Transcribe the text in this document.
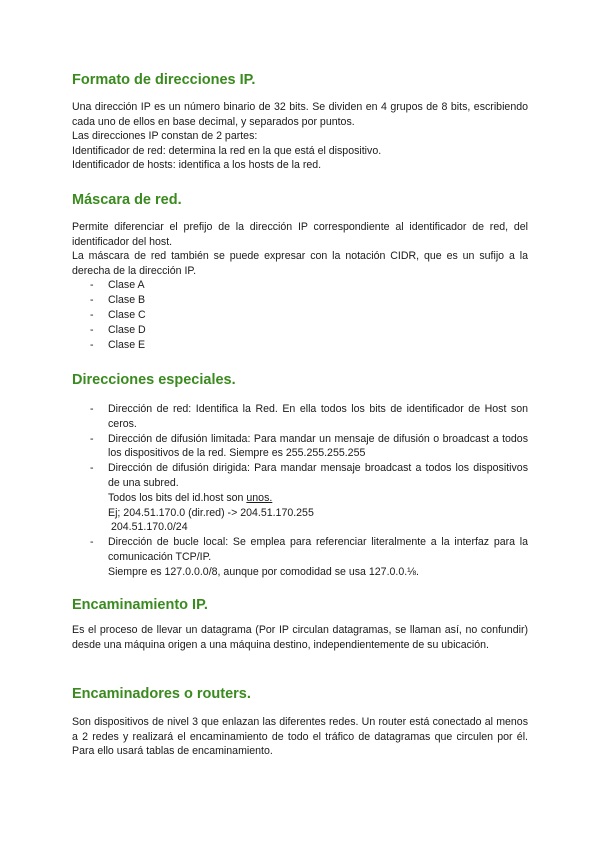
Formato de direcciones IP.

Una dirección IP es un número binario de 32 bits. Se dividen en 4 grupos de 8 bits, escribiendo cada uno de ellos en base decimal, y separados por puntos.

Las direcciones IP constan de 2 partes:

Identificador de red: determina la red en la que está el dispositivo.

Identificador de hosts: identifica a los hosts de la red.

Máscara de red.

Permite diferenciar el prefijo de la dirección IP correspondiente al identificador de red, del identificador del host.

La máscara de red también se puede expresar con la notación CIDR, que es un sufijo a la derecha de la dirección IP.

- Clase A
- Clase B
- Clase C
- Clase D
- Clase E
Direcciones especiales.
- Dirección de red: Identifica la Red. En ella todos los bits de identificador de Host son ceros.
- Dirección de difusión limitada: Para mandar un mensaje de difusión o broadcast a todos los dispositivos de la red. Siempre es 255.255.255.255
- Dirección de difusión dirigida: Para mandar mensaje broadcast a todos los dispositivos de una subred.
Todos los bits del id.host son unos.
Ej; 204.51.170.0 (dir.red) -> 204.51.170.255
204.51.170.0/24
- Dirección de bucle local: Se emplea para referenciar literalmente a la interfaz para la comunicación TCP/IP.
Siempre es 127.0.0.0/8, aunque por comodidad se usa 127.0.0.⅛.
Encaminamiento IP.

Es el proceso de llevar un datagrama (Por IP circulan datagramas, se llaman así, no confundir) desde una máquina origen a una máquina destino, independientemente de su ubicación.

Encaminadores o routers.

Son dispositivos de nivel 3 que enlazan las diferentes redes. Un router está conectado al menos a 2 redes y realizará el encaminamiento de todo el tráfico de datagramas que circulen por él. Para ello usará tablas de encaminamiento.
